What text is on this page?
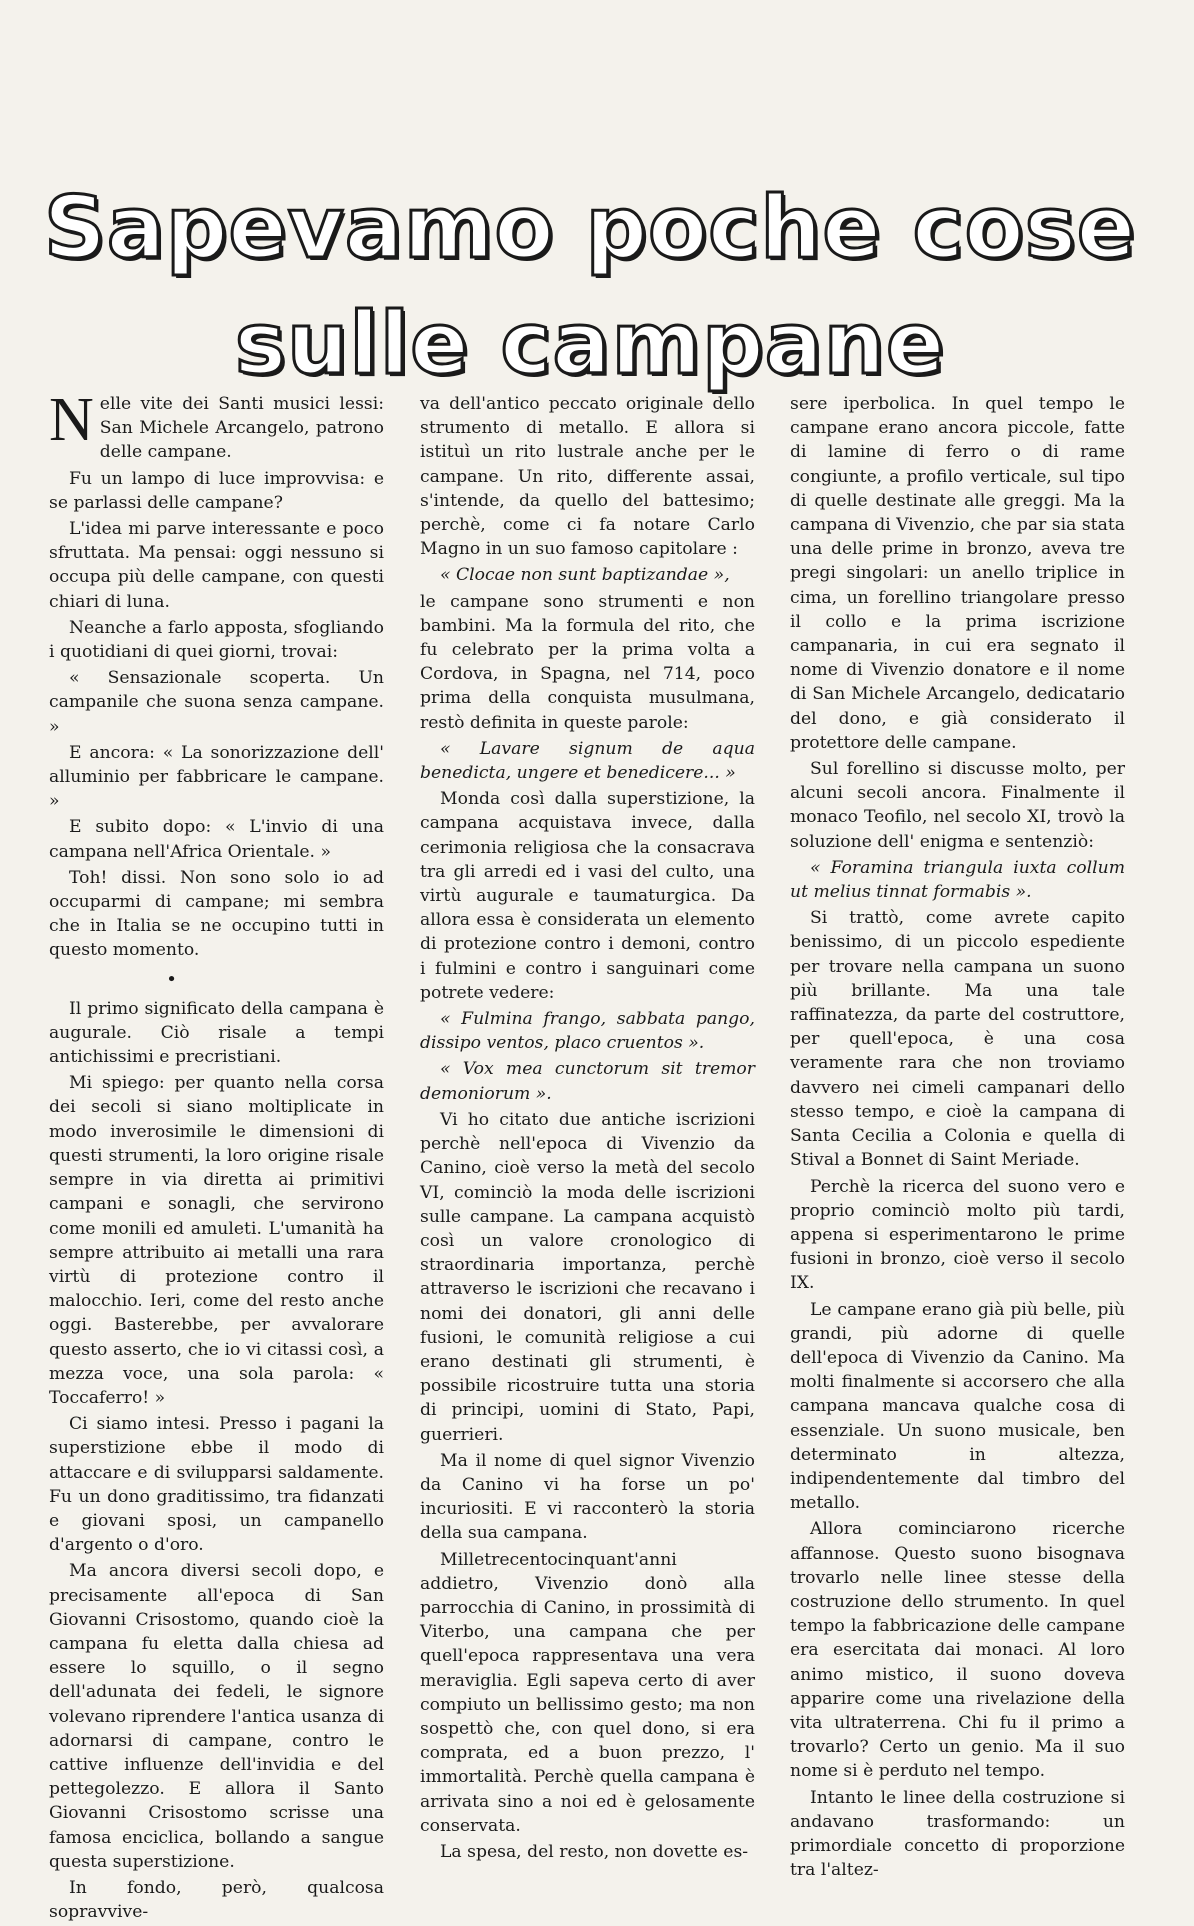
Sapevamo poche cose
sulle campane

Nelle vite dei Santi musici lessi: San Michele Arcangelo, patrono delle campane.

Fu un lampo di luce improvvisa: e se parlassi delle campane?

L'idea mi parve interessante e poco sfruttata. Ma pensai: oggi nessuno si occupa più delle campane, con questi chiari di luna.

Neanche a farlo apposta, sfogliando i quotidiani di quei giorni, trovai:

« Sensazionale scoperta. Un campanile che suona senza campane. »

E ancora: « La sonorizzazione dell' alluminio per fabbricare le campane. »

E subito dopo: « L'invio di una campana nell'Africa Orientale. »

Toh! dissi. Non sono solo io ad occuparmi di campane; mi sembra che in Italia se ne occupino tutti in questo momento.

•

Il primo significato della campana è augurale. Ciò risale a tempi antichissimi e precristiani.

Mi spiego: per quanto nella corsa dei secoli si siano moltiplicate in modo inverosimile le dimensioni di questi strumenti, la loro origine risale sempre in via diretta ai primitivi campani e sonagli, che servirono come monili ed amuleti. L'umanità ha sempre attribuito ai metalli una rara virtù di protezione contro il malocchio. Ieri, come del resto anche oggi. Basterebbe, per avvalorare questo asserto, che io vi citassi così, a mezza voce, una sola parola: « Toccaferro! »

Ci siamo intesi. Presso i pagani la superstizione ebbe il modo di attaccare e di svilupparsi saldamente. Fu un dono graditissimo, tra fidanzati e giovani sposi, un campanello d'argento o d'oro.

Ma ancora diversi secoli dopo, e precisamente all'epoca di San Giovanni Crisostomo, quando cioè la campana fu eletta dalla chiesa ad essere lo squillo, o il segno dell'adunata dei fedeli, le signore volevano riprendere l'antica usanza di adornarsi di campane, contro le cattive influenze dell'invidia e del pettegolezzo. E allora il Santo Giovanni Crisostomo scrisse una famosa enciclica, bollando a sangue questa superstizione.

In fondo, però, qualcosa sopravvive-

va dell'antico peccato originale dello strumento di metallo. E allora si istituì un rito lustrale anche per le campane. Un rito, differente assai, s'intende, da quello del battesimo; perchè, come ci fa notare Carlo Magno in un suo famoso capitolare :

« Clocae non sunt baptizandae »,

le campane sono strumenti e non bambini. Ma la formula del rito, che fu celebrato per la prima volta a Cordova, in Spagna, nel 714, poco prima della conquista musulmana, restò definita in queste parole:

« Lavare signum de aqua benedicta, ungere et benedicere... »

Monda così dalla superstizione, la campana acquistava invece, dalla cerimonia religiosa che la consacrava tra gli arredi ed i vasi del culto, una virtù augurale e taumaturgica. Da allora essa è considerata un elemento di protezione contro i demoni, contro i fulmini e contro i sanguinari come potrete vedere:

« Fulmina frango, sabbata pango, dissipo ventos, placo cruentos ».

« Vox mea cunctorum sit tremor demoniorum ».

Vi ho citato due antiche iscrizioni perchè nell'epoca di Vivenzio da Canino, cioè verso la metà del secolo VI, cominciò la moda delle iscrizioni sulle campane. La campana acquistò così un valore cronologico di straordinaria importanza, perchè attraverso le iscrizioni che recavano i nomi dei donatori, gli anni delle fusioni, le comunità religiose a cui erano destinati gli strumenti, è possibile ricostruire tutta una storia di principi, uomini di Stato, Papi, guerrieri.

Ma il nome di quel signor Vivenzio da Canino vi ha forse un po' incuriositi. E vi racconterò la storia della sua campana.

Milletrecentocinquant'anni addietro, Vivenzio donò alla parrocchia di Canino, in prossimità di Viterbo, una campana che per quell'epoca rappresentava una vera meraviglia. Egli sapeva certo di aver compiuto un bellissimo gesto; ma non sospettò che, con quel dono, si era comprata, ed a buon prezzo, l' immortalità. Perchè quella campana è arrivata sino a noi ed è gelosamente conservata.

La spesa, del resto, non dovette es-

sere iperbolica. In quel tempo le campane erano ancora piccole, fatte di lamine di ferro o di rame congiunte, a profilo verticale, sul tipo di quelle destinate alle greggi. Ma la campana di Vivenzio, che par sia stata una delle prime in bronzo, aveva tre pregi singolari: un anello triplice in cima, un forellino triangolare presso il collo e la prima iscrizione campanaria, in cui era segnato il nome di Vivenzio donatore e il nome di San Michele Arcangelo, dedicatario del dono, e già considerato il protettore delle campane.

Sul forellino si discusse molto, per alcuni secoli ancora. Finalmente il monaco Teofilo, nel secolo XI, trovò la soluzione dell' enigma e sentenziò:

« Foramina triangula iuxta collum ut melius tinnat formabis ».

Si trattò, come avrete capito benissimo, di un piccolo espediente per trovare nella campana un suono più brillante. Ma una tale raffinatezza, da parte del costruttore, per quell'epoca, è una cosa veramente rara che non troviamo davvero nei cimeli campanari dello stesso tempo, e cioè la campana di Santa Cecilia a Colonia e quella di Stival a Bonnet di Saint Meriade.

Perchè la ricerca del suono vero e proprio cominciò molto più tardi, appena si esperimentarono le prime fusioni in bronzo, cioè verso il secolo IX.

Le campane erano già più belle, più grandi, più adorne di quelle dell'epoca di Vivenzio da Canino. Ma molti finalmente si accorsero che alla campana mancava qualche cosa di essenziale. Un suono musicale, ben determinato in altezza, indipendentemente dal timbro del metallo.

Allora cominciarono ricerche affannose. Questo suono bisognava trovarlo nelle linee stesse della costruzione dello strumento. In quel tempo la fabbricazione delle campane era esercitata dai monaci. Al loro animo mistico, il suono doveva apparire come una rivelazione della vita ultraterrena. Chi fu il primo a trovarlo? Certo un genio. Ma il suo nome si è perduto nel tempo.

Intanto le linee della costruzione si andavano trasformando: un primordiale concetto di proporzione tra l'altez-
